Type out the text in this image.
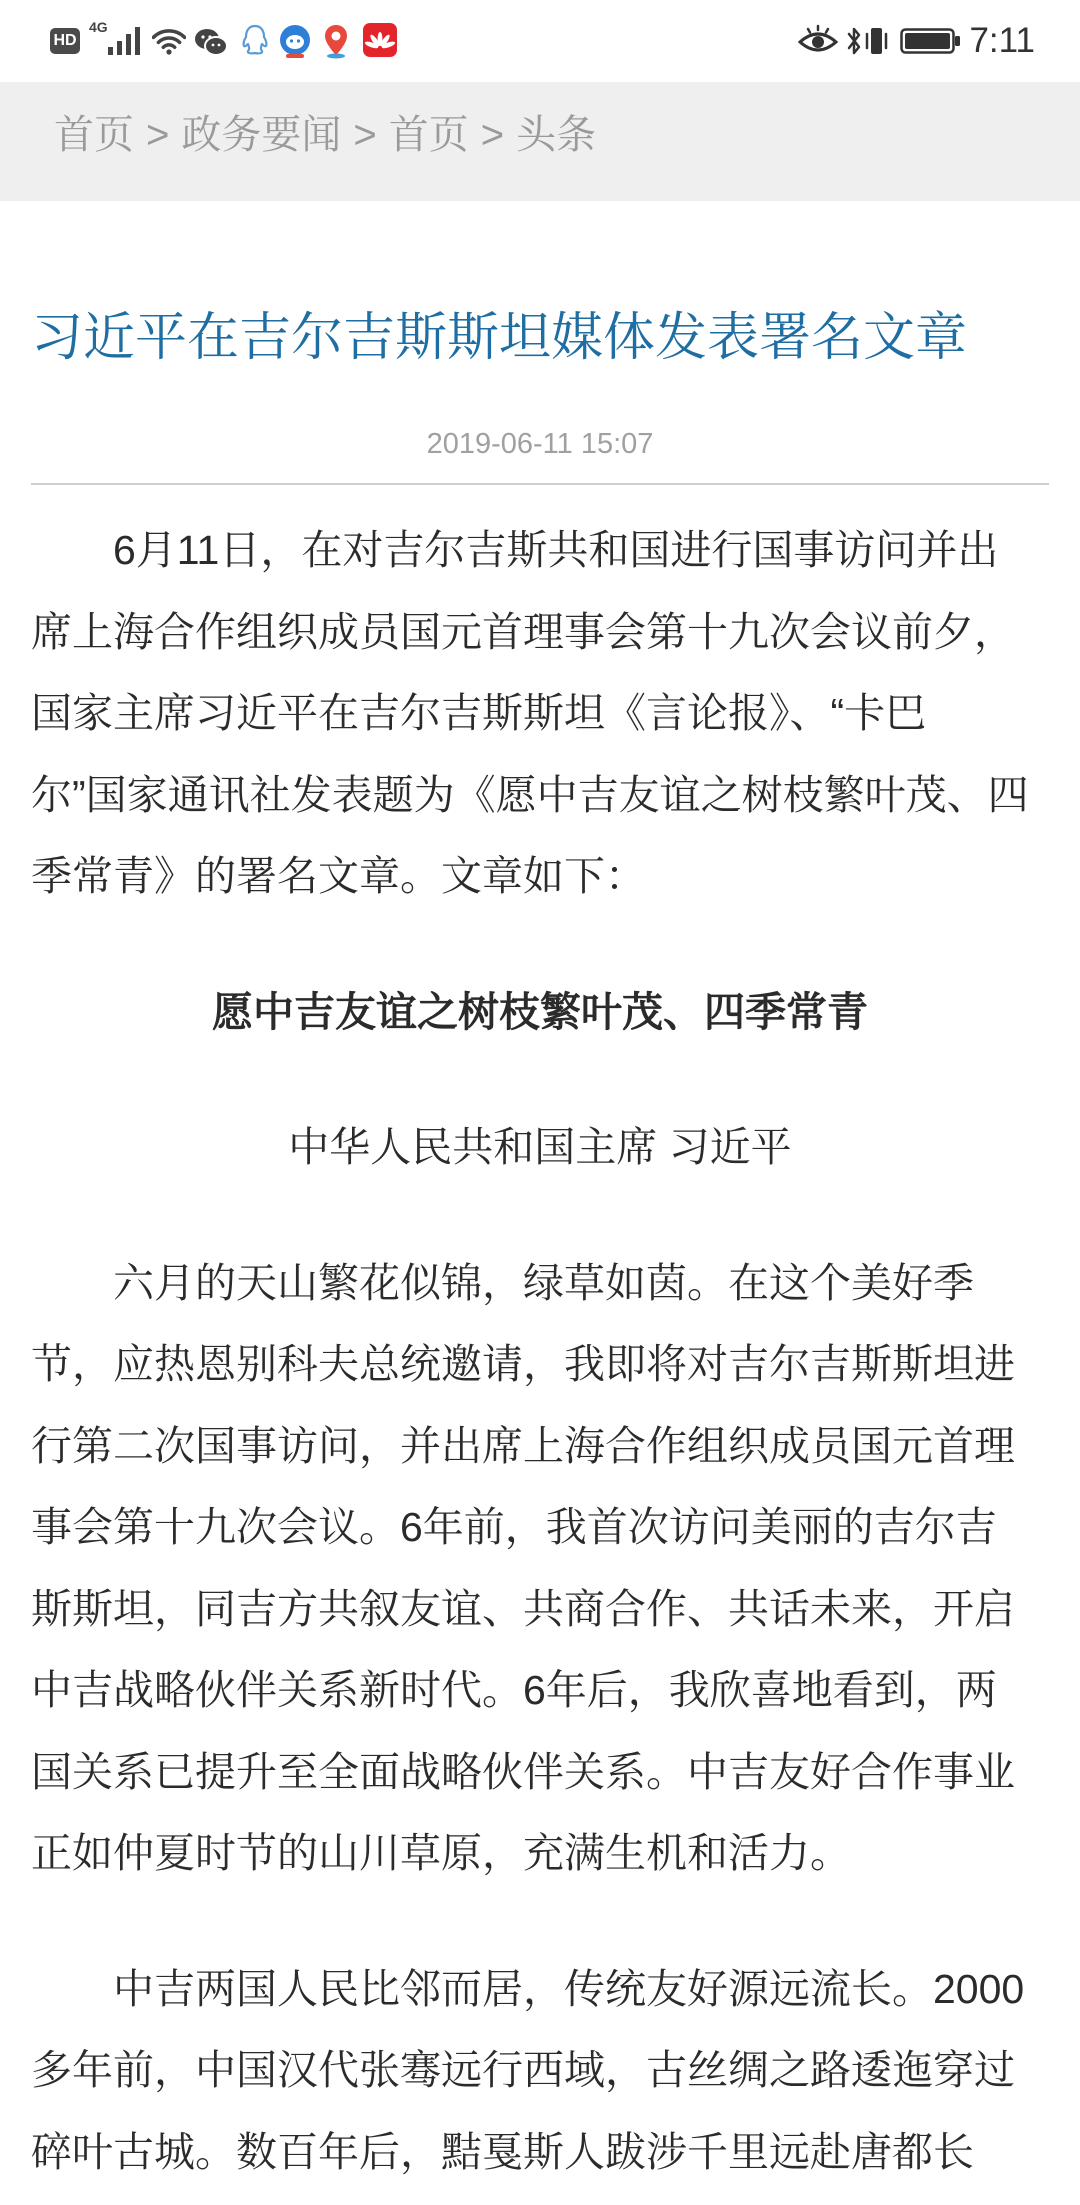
HD
4G	7:11
首页 > 政务要闻 > 首页 > 头条
习近平在吉尔吉斯斯坦媒体发表署名文章
2019-06-11 15:07
6月11日，在对吉尔吉斯共和国进行国事访问并出
席上海合作组织成员国元首理事会第十九次会议前夕，
国家主席习近平在吉尔吉斯斯坦《言论报》、“卡巴
尔”国家通讯社发表题为《愿中吉友谊之树枝繁叶茂、四
季常青》的署名文章。文章如下：
愿中吉友谊之树枝繁叶茂、四季常青
中华人民共和国主席 习近平
六月的天山繁花似锦，绿草如茵。在这个美好季
节，应热恩别科夫总统邀请，我即将对吉尔吉斯斯坦进
行第二次国事访问，并出席上海合作组织成员国元首理
事会第十九次会议。6年前，我首次访问美丽的吉尔吉
斯斯坦，同吉方共叙友谊、共商合作、共话未来，开启
中吉战略伙伴关系新时代。6年后，我欣喜地看到，两
国关系已提升至全面战略伙伴关系。中吉友好合作事业
正如仲夏时节的山川草原，充满生机和活力。
中吉两国人民比邻而居，传统友好源远流长。2000
多年前，中国汉代张骞远行西域，古丝绸之路逶迤穿过
碎叶古城。数百年后，黠戛斯人跋涉千里远赴唐都长
